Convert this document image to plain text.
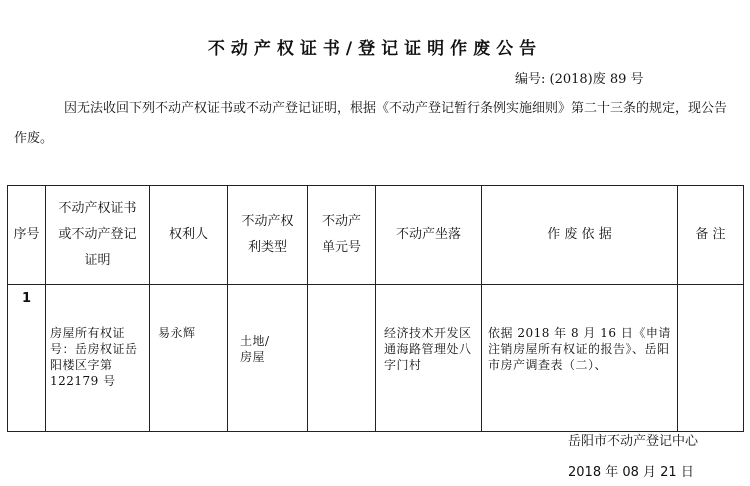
不动产权证书/登记证明作废公告
编号: (2018)废 89 号
因无法收回下列不动产权证书或不动产登记证明，根据《不动产登记暂行条例实施细则》第二十三条的规定，现公告作废。
序号	不动产权证书或不动产登记证明	权利人	不动产权利类型	不动产单元号	不动产坐落	作 废 依 据	备 注

1	房屋所有权证号：岳房权证岳阳楼区字第 122179 号	易永辉	土地/房屋		经济技术开发区通海路管理处八字门村	依据 2018 年 8 月 16 日《申请注销房屋所有权证的报告》、岳阳市房产调查表（二）、	

岳阳市不动产登记中心
2018 年 08 月 21 日
